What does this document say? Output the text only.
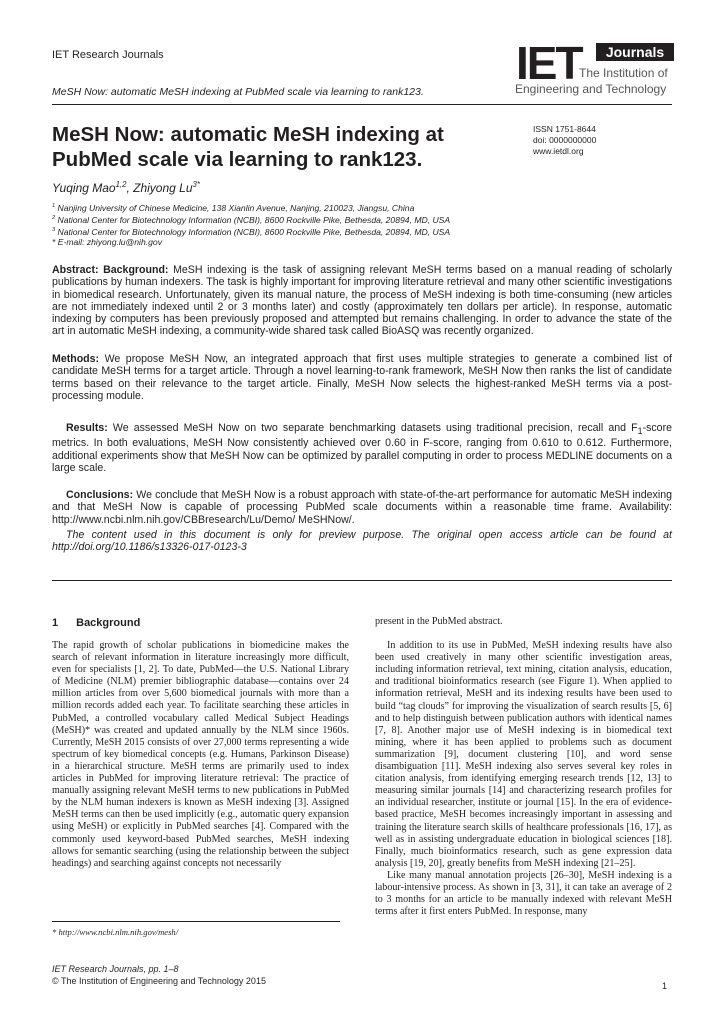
IET Research Journals
MeSH Now: automatic MeSH indexing at PubMed scale via learning to rank123.
IET	Journals
The Institution of
Engineering and Technology
MeSH Now: automatic MeSH indexing at PubMed scale via learning to rank123.
ISSN 1751-8644
doi: 0000000000
www.ietdl.org
Yuqing Mao$^{1,2}$, Zhiyong $Lu^{3*}$
$^1$ Nanjing University of Chinese Medicine, 138 Xianlin Avenue, Nanjing, 210023, Jiangsu, China
$^2$ National Center for Biotechnology Information (NCBI), 8600 Rockville Pike, Bethesda, 20894, MD, USA
$^3$ National Center for Biotechnology Information (NCBI), 8600 Rockville Pike, Bethesda, 20894, MD, USA
* E-mail: zhiyong.lu@nih.gov
Abstract: Background: MeSH indexing is the task of assigning relevant MeSH terms based on a manual reading of scholarly publications by human indexers. The task is highly important for improving literature retrieval and many other scientific investigations in biomedical research. Unfortunately, given its manual nature, the process of MeSH indexing is both time-consuming (new articles are not immediately indexed until 2 or 3 months later) and costly (approximately ten dollars per article). In response, automatic indexing by computers has been previously proposed and attempted but remains challenging. In order to advance the state of the art in automatic MeSH indexing, a community-wide shared task called BioASQ was recently organized.
Methods: We propose MeSH Now, an integrated approach that first uses multiple strategies to generate a combined list of candidate MeSH terms for a target article. Through a novel learning-to-rank framework, MeSH Now then ranks the list of candidate terms based on their relevance to the target article. Finally, MeSH Now selects the highest-ranked MeSH terms via a post-processing module.
Results: We assessed MeSH Now on two separate benchmarking datasets using traditional precision, recall and $F_1$-score metrics. In both evaluations, MeSH Now consistently achieved over 0.60 in F-score, ranging from 0.610 to 0.612. Furthermore, additional experiments show that MeSH Now can be optimized by parallel computing in order to process MEDLINE documents on a large scale.
Conclusions: We conclude that MeSH Now is a robust approach with state-of-the-art performance for automatic MeSH indexing and that MeSH Now is capable of processing PubMed scale documents within a reasonable time frame. Availability: http://www.ncbi.nlm.nih.gov/CBBresearch/Lu/Demo/ MeSHNow/.
The content used in this document is only for preview purpose. The original open access article can be found at http://doi.org/10.1186/s13326-017-0123-3
1 Background

The rapid growth of scholar publications in biomedicine makes the search of relevant information in literature increasingly more difficult, even for specialists [1, 2]. To date, PubMed—the U.S. National Library of Medicine (NLM) premier bibliographic database—contains over 24 million articles from over 5,600 biomedical journals with more than a million records added each year. To facilitate searching these articles in PubMed, a controlled vocabulary called Medical Subject Headings (MeSH)* was created and updated annually by the NLM since 1960s. Currently, MeSH 2015 consists of over 27,000 terms representing a wide spectrum of key biomedical concepts (e.g. Humans, Parkinson Disease) in a hierarchical structure. MeSH terms are primarily used to index articles in PubMed for improving literature retrieval: The practice of manually assigning relevant MeSH terms to new publications in PubMed by the NLM human indexers is known as MeSH indexing [3]. Assigned MeSH terms can then be used implicitly (e.g., automatic query expansion using MeSH) or explicitly in PubMed searches [4]. Compared with the commonly used keyword-based PubMed searches, MeSH indexing allows for semantic searching (using the relationship between the subject headings) and searching against concepts not necessarily

present in the PubMed abstract.

In addition to its use in PubMed, MeSH indexing results have also been used creatively in many other scientific investigation areas, including information retrieval, text mining, citation analysis, education, and traditional bioinformatics research (see Figure 1). When applied to information retrieval, MeSH and its indexing results have been used to build “tag clouds” for improving the visualization of search results [5, 6] and to help distinguish between publication authors with identical names [7, 8]. Another major use of MeSH indexing is in biomedical text mining, where it has been applied to problems such as document summarization [9], document clustering [10], and word sense disambiguation [11]. MeSH indexing also serves several key roles in citation analysis, from identifying emerging research trends [12, 13] to measuring similar journals [14] and characterizing research profiles for an individual researcher, institute or journal [15]. In the era of evidence-based practice, MeSH becomes increasingly important in assessing and training the literature search skills of healthcare professionals [16, 17], as well as in assisting undergraduate education in biological sciences [18]. Finally, much bioinformatics research, such as gene expression data analysis [19, 20], greatly benefits from MeSH indexing [21–25].

Like many manual annotation projects [26–30], MeSH indexing is a labour-intensive process. As shown in [3, 31], it can take an average of 2 to 3 months for an article to be manually indexed with relevant MeSH terms after it first enters PubMed. In response, many

* http://www.ncbi.nlm.nih.gov/mesh/
IET Research Journals, pp. 1–8
© The Institution of Engineering and Technology 2015	1
